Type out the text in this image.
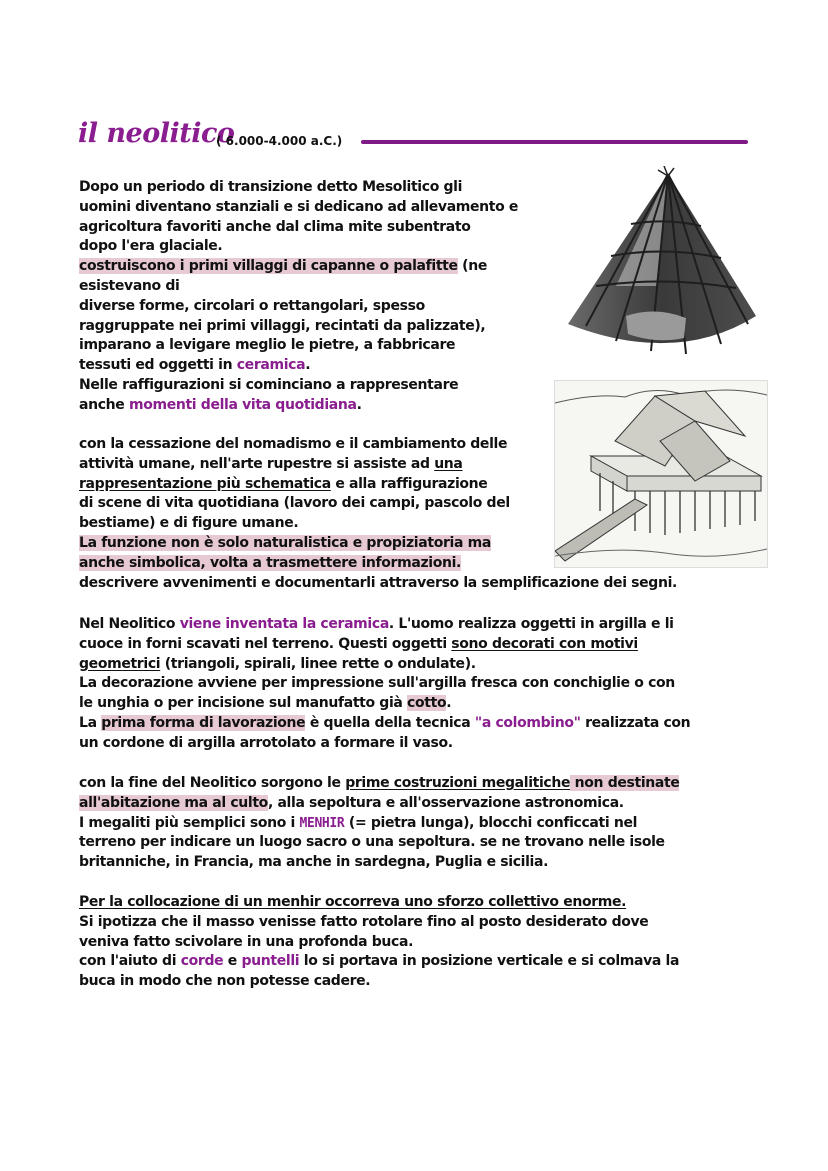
il neolitico
( 6.000-4.000 a.C.)
Dopo un periodo di transizione detto Mesolitico gli
uomini diventano stanziali e si dedicano ad allevamento e
agricoltura favoriti anche dal clima mite subentrato
dopo l'era glaciale.
costruiscono i primi villaggi di capanne o palafitte (ne
esistevano di
diverse forme, circolari o rettangolari, spesso
raggruppate nei primi villaggi, recintati da palizzate),
imparano a levigare meglio le pietre, a fabbricare
tessuti ed oggetti in ceramica.
Nelle raffigurazioni si cominciano a rappresentare
anche momenti della vita quotidiana.
con la cessazione del nomadismo e il cambiamento delle
attività umane, nell'arte rupestre si assiste ad una
rappresentazione più schematica e alla raffigurazione
di scene di vita quotidiana (lavoro dei campi, pascolo del
bestiame) e di figure umane.
La funzione non è solo naturalistica e propiziatoria ma
anche simbolica, volta a trasmettere informazioni.
descrivere avvenimenti e documentarli attraverso la semplificazione dei segni.
Nel Neolitico viene inventata la ceramica. L'uomo realizza oggetti in argilla e li
cuoce in forni scavati nel terreno. Questi oggetti sono decorati con motivi
geometrici (triangoli, spirali, linee rette o ondulate).
La decorazione avviene per impressione sull'argilla fresca con conchiglie o con
le unghia o per incisione sul manufatto già cotto.
La prima forma di lavorazione è quella della tecnica "a colombino" realizzata con
un cordone di argilla arrotolato a formare il vaso.
con la fine del Neolitico sorgono le prime costruzioni megalitiche non destinate
all'abitazione ma al culto, alla sepoltura e all'osservazione astronomica.
I megaliti più semplici sono i MENHIR (= pietra lunga), blocchi conficcati nel
terreno per indicare un luogo sacro o una sepoltura. se ne trovano nelle isole
britanniche, in Francia, ma anche in sardegna, Puglia e sicilia.
Per la collocazione di un menhir occorreva uno sforzo collettivo enorme.
Si ipotizza che il masso venisse fatto rotolare fino al posto desiderato dove
veniva fatto scivolare in una profonda buca.
con l'aiuto di corde e puntelli lo si portava in posizione verticale e si colmava la
buca in modo che non potesse cadere.
